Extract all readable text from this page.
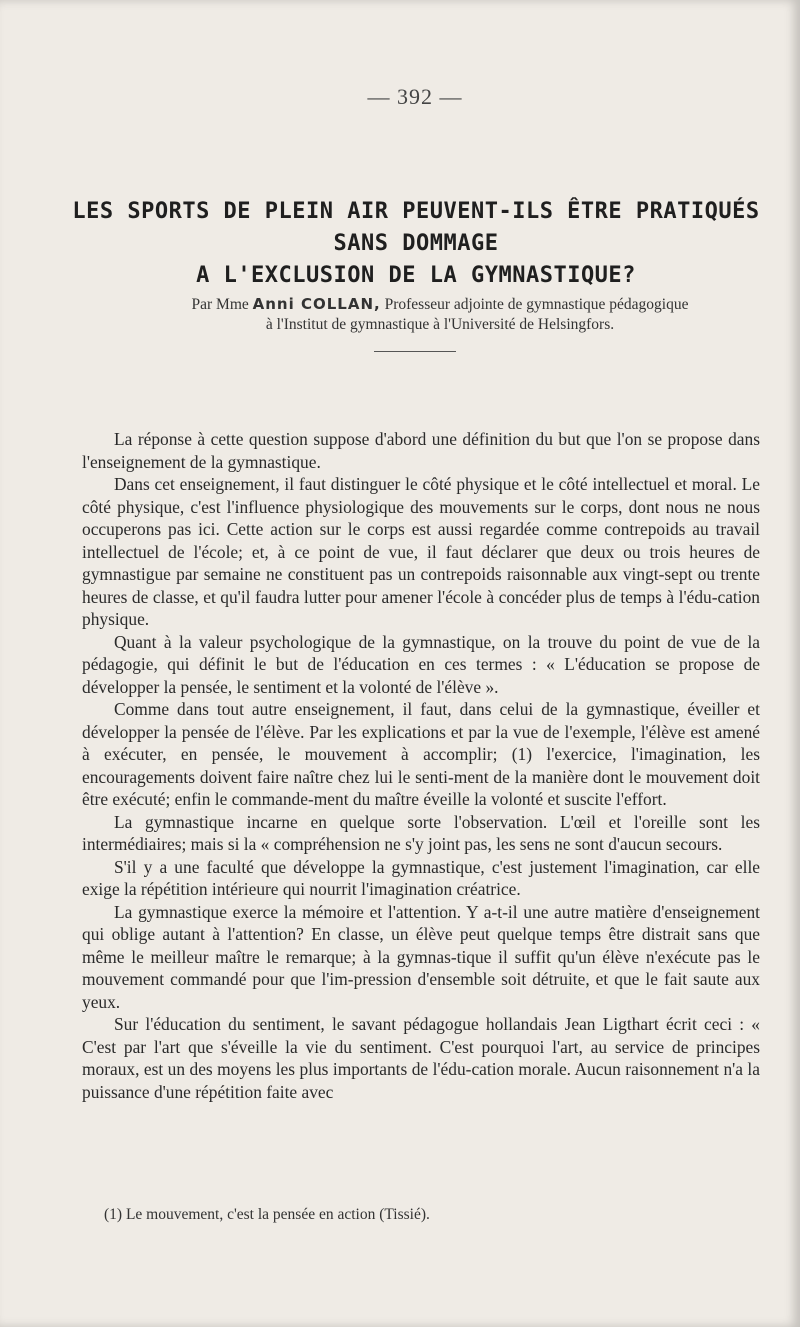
— 392 —
LES SPORTS DE PLEIN AIR PEUVENT-ILS ÊTRE PRATIQUÉS
SANS DOMMAGE
A L'EXCLUSION DE LA GYMNASTIQUE?
Par Mme Anni COLLAN, Professeur adjointe de gymnastique pédagogique
à l'Institut de gymnastique à l'Université de Helsingfors.

La réponse à cette question suppose d'abord une définition du but que l'on se propose dans l'enseignement de la gymnastique.

Dans cet enseignement, il faut distinguer le côté physique et le côté intellectuel et moral. Le côté physique, c'est l'influence physiologique des mouvements sur le corps, dont nous ne nous occuperons pas ici. Cette action sur le corps est aussi regardée comme contrepoids au travail intellectuel de l'école; et, à ce point de vue, il faut déclarer que deux ou trois heures de gymnastigue par semaine ne constituent pas un contrepoids raisonnable aux vingt-sept ou trente heures de classe, et qu'il faudra lutter pour amener l'école à concéder plus de temps à l'édu-cation physique.

Quant à la valeur psychologique de la gymnastique, on la trouve du point de vue de la pédagogie, qui définit le but de l'éducation en ces termes : « L'éducation se propose de développer la pensée, le sentiment et la volonté de l'élève ».

Comme dans tout autre enseignement, il faut, dans celui de la gymnastique, éveiller et développer la pensée de l'élève. Par les explications et par la vue de l'exemple, l'élève est amené à exécuter, en pensée, le mouvement à accomplir; (1) l'exercice, l'imagination, les encouragements doivent faire naître chez lui le senti-ment de la manière dont le mouvement doit être exécuté; enfin le commande-ment du maître éveille la volonté et suscite l'effort.

La gymnastique incarne en quelque sorte l'observation. L'œil et l'oreille sont les intermédiaires; mais si la « compréhension ne s'y joint pas, les sens ne sont d'aucun secours.

S'il y a une faculté que développe la gymnastique, c'est justement l'imagination, car elle exige la répétition intérieure qui nourrit l'imagination créatrice.

La gymnastique exerce la mémoire et l'attention. Y a-t-il une autre matière d'enseignement qui oblige autant à l'attention? En classe, un élève peut quelque temps être distrait sans que même le meilleur maître le remarque; à la gymnas-tique il suffit qu'un élève n'exécute pas le mouvement commandé pour que l'im-pression d'ensemble soit détruite, et que le fait saute aux yeux.

Sur l'éducation du sentiment, le savant pédagogue hollandais Jean Ligthart écrit ceci : « C'est par l'art que s'éveille la vie du sentiment. C'est pourquoi l'art, au service de principes moraux, est un des moyens les plus importants de l'édu-cation morale. Aucun raisonnement n'a la puissance d'une répétition faite avec

(1) Le mouvement, c'est la pensée en action (Tissié).
